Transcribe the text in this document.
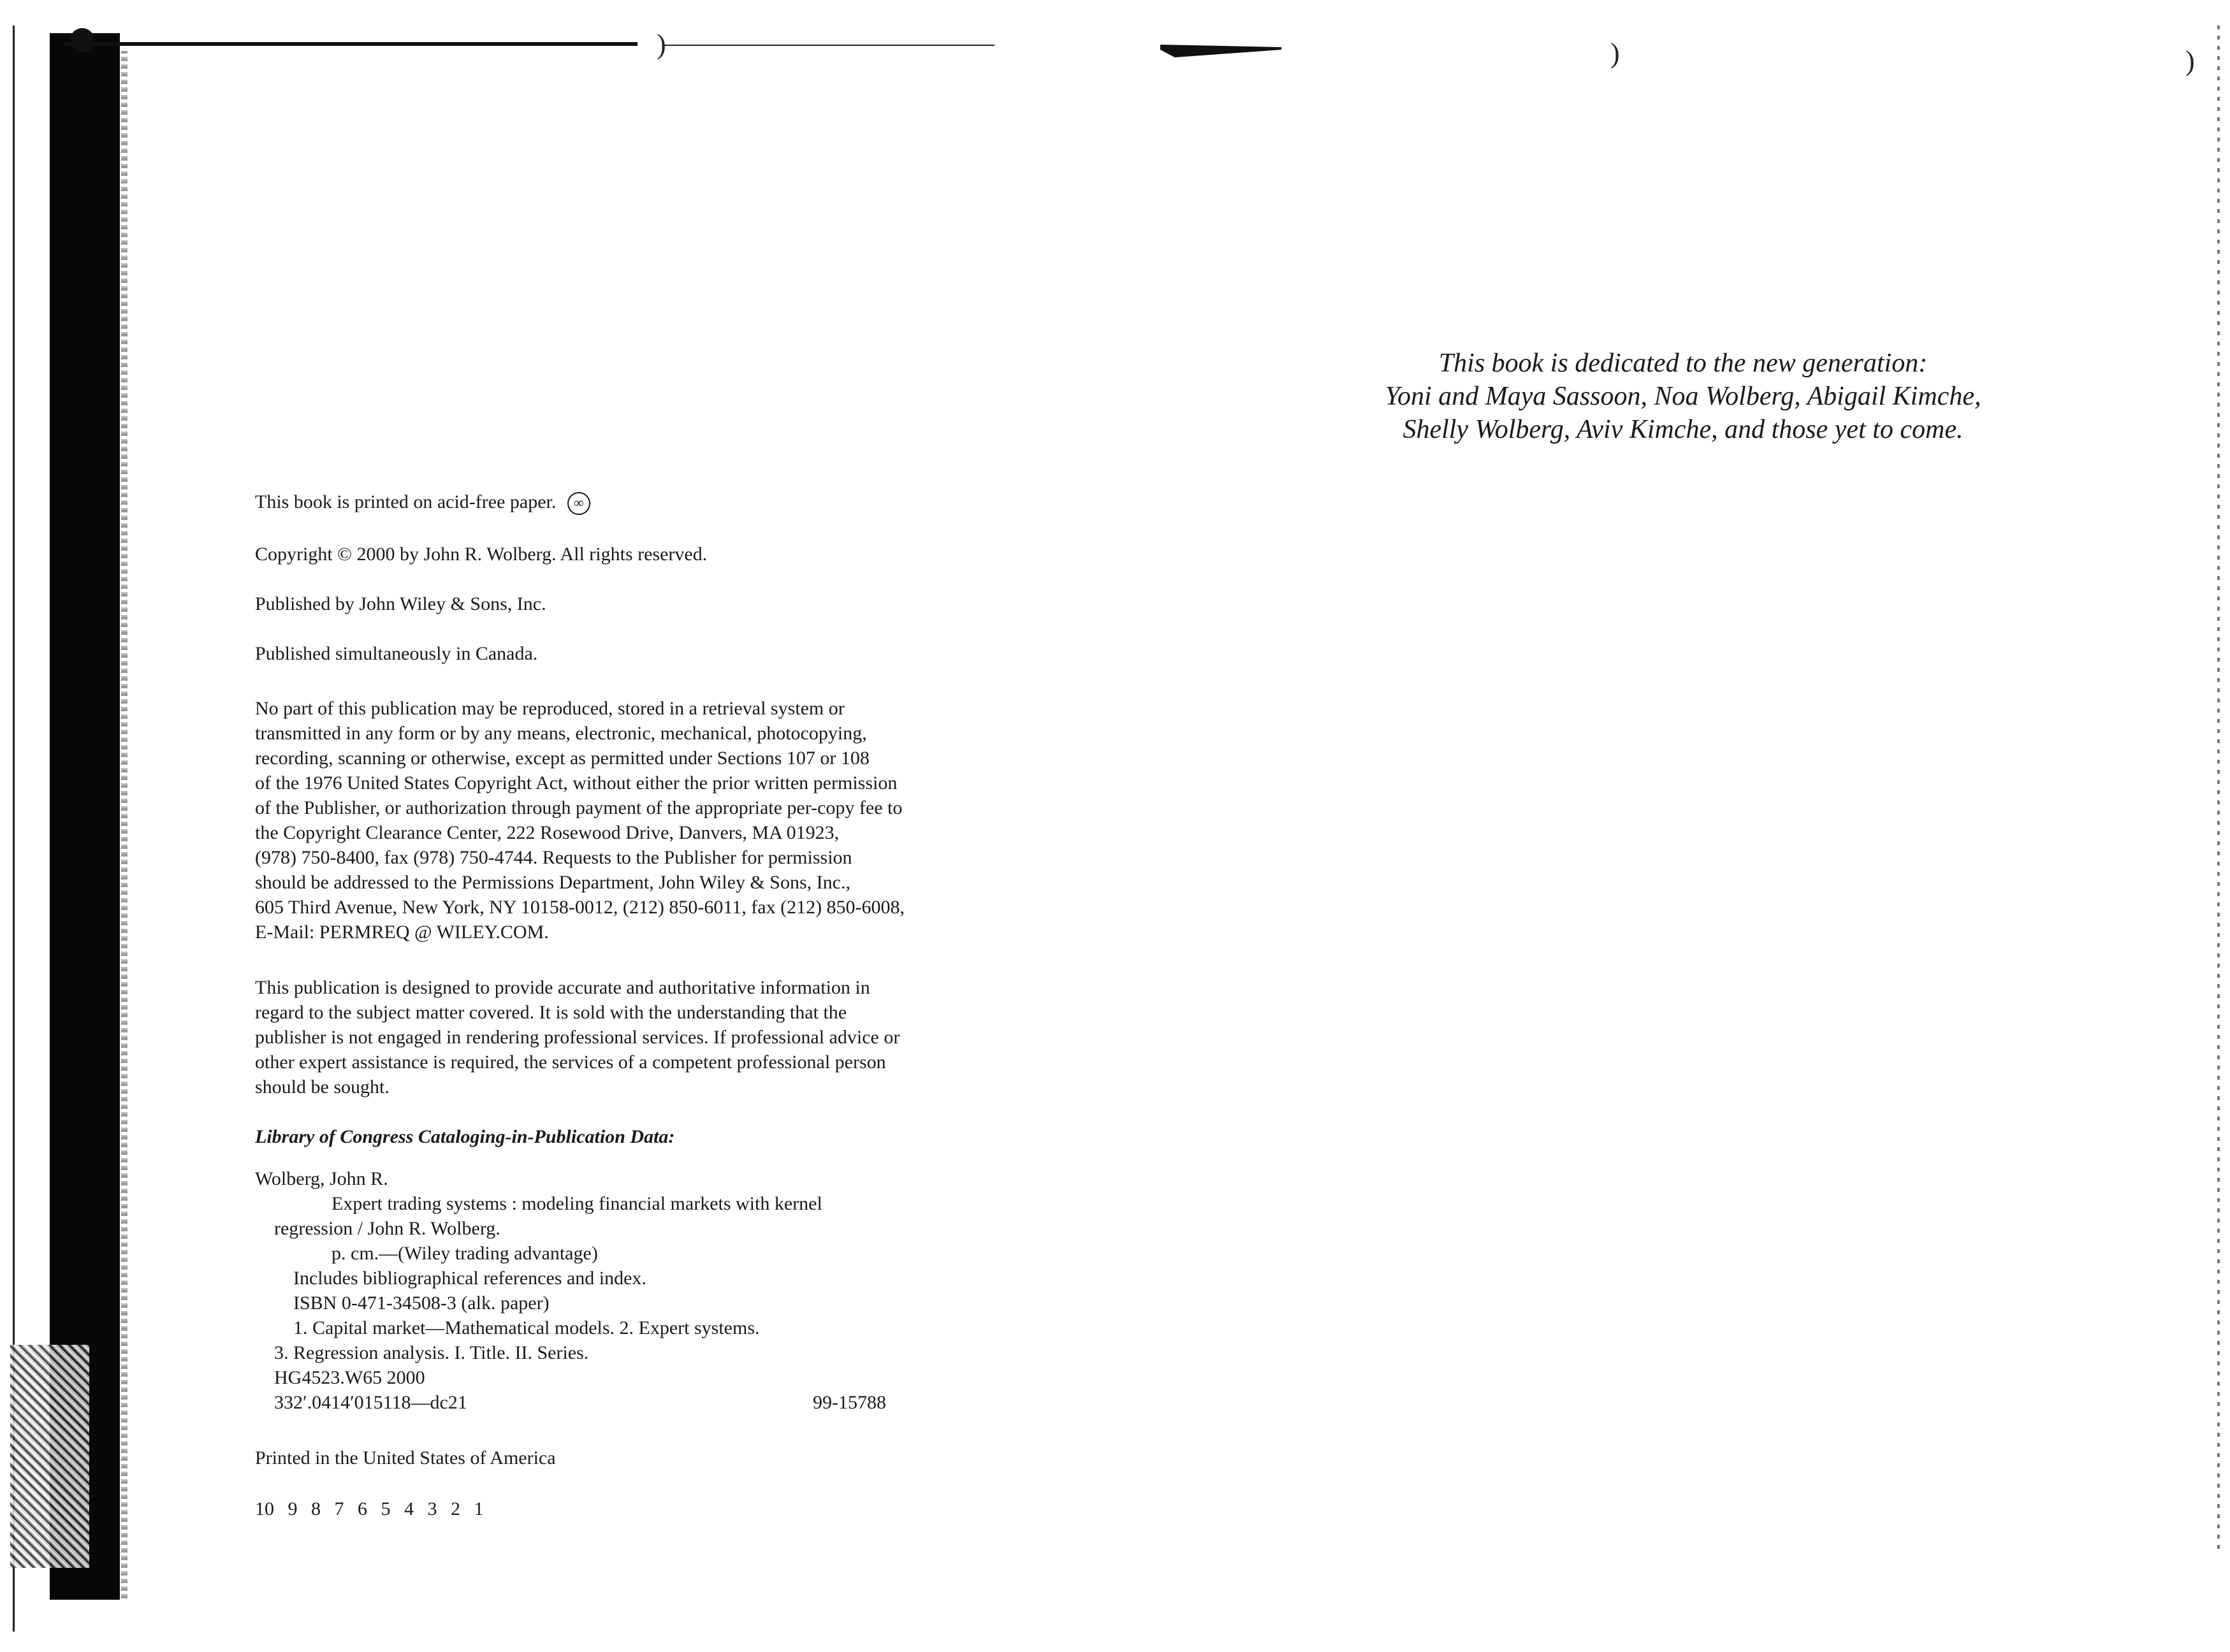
)	)	)
This book is printed on acid-free paper. ∞

Copyright © 2000 by John R. Wolberg. All rights reserved.

Published by John Wiley & Sons, Inc.

Published simultaneously in Canada.

No part of this publication may be reproduced, stored in a retrieval system or

transmitted in any form or by any means, electronic, mechanical, photocopying,

recording, scanning or otherwise, except as permitted under Sections 107 or 108

of the 1976 United States Copyright Act, without either the prior written permission

of the Publisher, or authorization through payment of the appropriate per-copy fee to

the Copyright Clearance Center, 222 Rosewood Drive, Danvers, MA 01923,

(978) 750-8400, fax (978) 750-4744. Requests to the Publisher for permission

should be addressed to the Permissions Department, John Wiley & Sons, Inc.,

605 Third Avenue, New York, NY 10158-0012, (212) 850-6011, fax (212) 850-6008,

E-Mail: PERMREQ @ WILEY.COM.

This publication is designed to provide accurate and authoritative information in

regard to the subject matter covered. It is sold with the understanding that the

publisher is not engaged in rendering professional services. If professional advice or

other expert assistance is required, the services of a competent professional person

should be sought.

Library of Congress Cataloging-in-Publication Data:

Wolberg, John R.

Expert trading systems : modeling financial markets with kernel

regression / John R. Wolberg.

p. cm.—(Wiley trading advantage)

Includes bibliographical references and index.

ISBN 0-471-34508-3 (alk. paper)

1. Capital market—Mathematical models. 2. Expert systems.

3. Regression analysis. I. Title. II. Series.

HG4523.W65 2000

332′.0414′015118—dc21	99-15788

Printed in the United States of America

10 9 8 7 6 5 4 3 2 1

This book is dedicated to the new generation:

Yoni and Maya Sassoon, Noa Wolberg, Abigail Kimche,

Shelly Wolberg, Aviv Kimche, and those yet to come.
